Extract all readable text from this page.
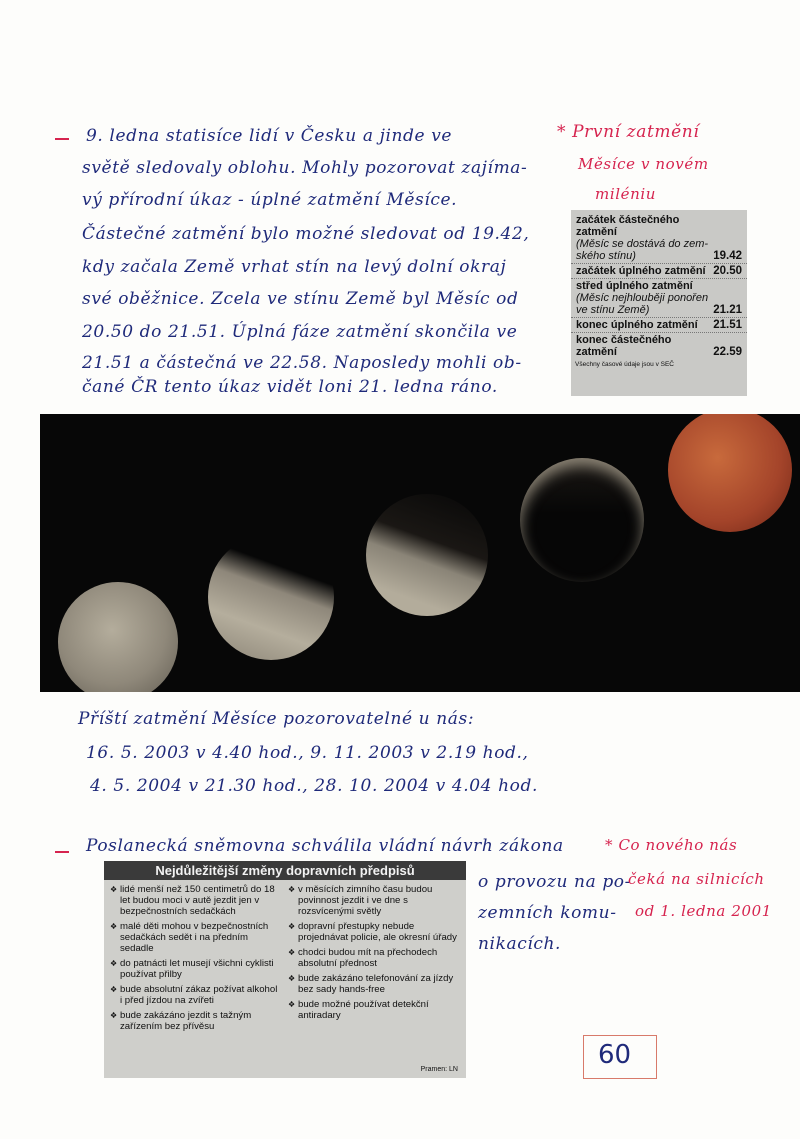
9. ledna statisíce lidí v Česku a jinde ve
světě sledovaly oblohu. Mohly pozorovat zajíma-
vý přírodní úkaz - úplné zatmění Měsíce.
Částečné zatmění bylo možné sledovat od 19.42,
kdy začala Země vrhat stín na levý dolní okraj
své oběžnice. Zcela ve stínu Země byl Měsíc od
20.50 do 21.51. Úplná fáze zatmění skončila ve
21.51 a částečná ve 22.58. Naposledy mohli ob-
čané ČR tento úkaz vidět loni 21. ledna ráno.
* První zatmění
Měsíce v novém
miléniu
začátek částečného zatmění
(Měsíc se dostává do zem-
ského stínu)	19.42
začátek úplného zatmění 20.50
střed úplného zatmění
(Měsíc nejhlouběji ponořen
ve stínu Země)	21.21
konec úplného zatmění	21.51
konec částečného zatmění	22.59
Všechny časové údaje jsou v SEČ
Příští zatmění Měsíce pozorovatelné u nás:
16. 5. 2003 v 4.40 hod., 9. 11. 2003 v 2.19 hod.,
4. 5. 2004 v 21.30 hod., 28. 10. 2004 v 4.04 hod.
Poslanecká sněmovna schválila vládní návrh zákona
o provozu na po-
zemních komu-
nikacích.
* Co nového nás
čeká na silnicích
od 1. ledna 2001
Nejdůležitější změny dopravních předpisů
❖ lidé menší než 150 centimetrů do 18 let budou moci v autě jezdit jen v bezpečnostních sedačkách
❖ malé děti mohou v bezpečnostních sedačkách sedět i na předním sedadle
❖ do patnácti let musejí všichni cyklisti používat přilby
❖ bude absolutní zákaz požívat alkohol i před jízdou na zvířeti
❖ bude zakázáno jezdit s tažným zařízením bez přívěsu
❖ v měsících zimního času budou povinnost jezdit i ve dne s rozsvícenými světly
❖ dopravní přestupky nebude projednávat policie, ale okresní úřady
❖ chodci budou mít na přechodech absolutní přednost
❖ bude zakázáno telefonování za jízdy bez sady hands-free
❖ bude možné používat detekční antiradary
Pramen: LN	60
